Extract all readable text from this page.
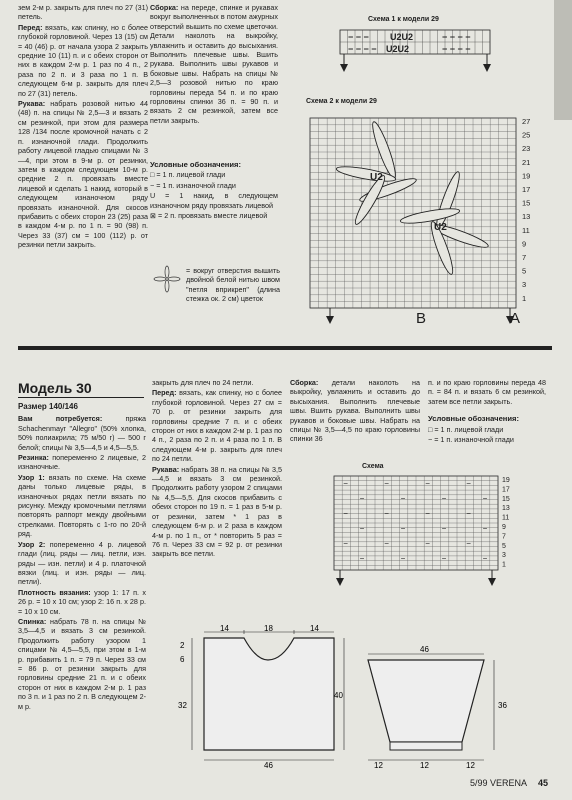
зем 2-м р. закрыть для плеч по 27 (31) петель.

Перед: вязать, как спинку, но с более глубокой горловиной. Через 13 (15) см = 40 (46) р. от начала узора 2 закрыть средние 10 (11) п. и с обеих сторон от них в каждом 2-м р. 1 раз по 4 п., 2 раза по 2 п. и 3 раза по 1 п. В следующем 6-м р. закрыть для плеч по 27 (31) петель.

Рукава: набрать розовой нитью 44 (48) п. на спицы № 2,5—3 и вязать 2 см резинкой, при этом для размера 128 /134 после кромочной начать с 2 п. изнаночной глади. Продолжить работу лицевой гладью спицами № 3—4, при этом в 9-м р. от резинки, затем в каждом следующем 10-м р. средние 2 п. провязать вместе лицевой и сделать 1 накид, который в следующем изнаночном ряду провязать изнаночной. Для скосов прибавить с обеих сторон 23 (25) раза в каждом 4-м р. по 1 п. = 90 (98) п. Через 33 (37) см = 100 (112) р. от резинки петли закрыть.

Сборка: на переде, спинке и рукавах вокруг выполненных в потом ажурных отверстий вышить по схеме цветочки. Детали наколоть на выкройку, увлажнить и оставить до высыхания. Выполнить плечевые швы. Вшить рукава. Выполнить швы рукавов и боковые швы. Набрать на спицы № 2,5—3 розовой нитью по краю горловины переда 54 п. и по краю горловины спинки 36 п. = 90 п. и вязать 2 см резинкой, затем все петли закрыть.

Условные обозначения:

□ = 1 п. лицевой глади

− = 1 п. изнаночной глади

U = 1 накид, в следующем изнаночном ряду провязать лицевой

⊠ = 2 п. провязать вместе лицевой

= вокруг отверстия вышить двойной белой нитью швом "петля вприкреп" (длина стежка ок. 2 см) цветок

Схема 1 к модели 29
− − − U2U2	− − − −
− − − − U2U2	− − − −
Схема 2 к модели 29
U2
U2
27
25
23
21
19
17
15
13
11
9
7
5
3
1
B	A
Модель 30

Размер 140/146

Вам потребуется: пряжа Schachenmayr "Allegro" (50% хлопка, 50% полиакрила; 75 м/50 г) — 500 г белой; спицы № 3,5—4,5 и 4,5—5,5.

Резинка: попеременно 2 лицевые, 2 изнаночные.

Узор 1: вязать по схеме. На схеме даны только лицевые ряды, в изнаночных рядах петли вязать по рисунку. Между кромочными петлями повторять раппорт между двойными стрелками. Повторять с 1-го по 20-й ряд.

Узор 2: попеременно 4 р. лицевой глади (лиц. ряды — лиц. петли, изн. ряды — изн. петли) и 4 р. платочной вязки (лиц. и изн. ряды — лиц. петли).

Плотность вязания: узор 1: 17 п. x 26 р. = 10 x 10 см; узор 2: 16 п. x 28 р. = 10 x 10 см.

Спинка: набрать 78 п. на спицы № 3,5—4,5 и вязать 3 см резинкой. Продолжить работу узором 1 спицами № 4,5—5,5, при этом в 1-м р. прибавить 1 п. = 79 п. Через 33 см = 86 р. от резинки закрыть для горловины средние 21 п. и с обеих сторон от них в каждом 2-м р. 1 раз по 3 п. и 1 раз по 2 п. В следующем 2-м р.

закрыть для плеч по 24 петли.

Перед: вязать, как спинку, но с более глубокой горловиной. Через 27 см = 70 р. от резинки закрыть для горловины средние 7 п. и с обеих сторон от них в каждом 2-м р. 1 раз по 4 п., 2 раза по 2 п. и 4 раза по 1 п. В следующем 4-м р. закрыть для плеч по 24 петли.

Рукава: набрать 38 п. на спицы № 3,5—4,5 и вязать 3 см резинкой. Продолжить работу узором 2 спицами № 4,5—5,5. Для скосов прибавить с обеих сторон по 19 п. = 1 раз в 5-м р. от резинки, затем * 1 раз в следующем 6-м р. и 2 раза в каждом 4-м р. по 1 п., от * повторить 5 раз = 76 п. Через 33 см = 92 р. от резинки закрыть все петли.

Сборка: детали наколоть на выкройку, увлажнить и оставить до высыхания. Выполнить плечевые швы. Вшить рукава. Выполнить швы рукавов и боковые швы. Набрать на спицы № 3,5—4,5 по краю горловины спинки 36

п. и по краю горловины переда 48 п. = 84 п. и вязать 6 см резинкой, затем все петли закрыть.

Условные обозначения:

□ = 1 п. лицевой глади

− = 1 п. изнаночной глади

Схема
−	−	−	−
−	−	−	−
−	−	−	−
−	−	−	−
−	−	−	−
−	−	−	−
19
17
15
13
11
9
7
5
3
1
14	18	14
2
6
32
40
46
46
36
12	12	12
5/99 VERENA 45
